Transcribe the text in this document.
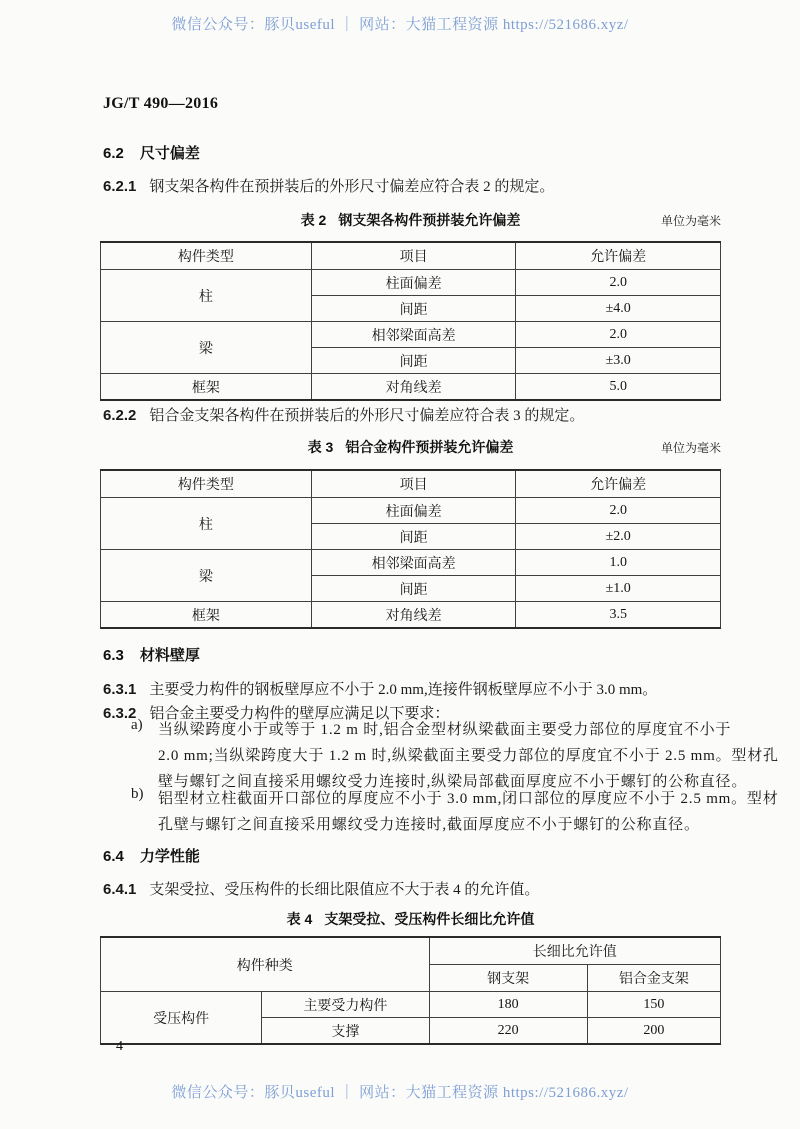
微信公众号：豚贝useful ｜ 网站：大猫工程资源 https://521686.xyz/
JG/T 490—2016
6.2 尺寸偏差
6.2.1 钢支架各构件在预拼装后的外形尺寸偏差应符合表 2 的规定。
表 2 钢支架各构件预拼装允许偏差	单位为毫米
构件类型	项目	允许偏差
柱	柱面偏差	2.0
	间距	±4.0
梁	相邻梁面高差	2.0
	间距	±3.0
框架	对角线差	5.0
6.2.2 铝合金支架各构件在预拼装后的外形尺寸偏差应符合表 3 的规定。
表 3 铝合金构件预拼装允许偏差	单位为毫米
构件类型	项目	允许偏差
柱	柱面偏差	2.0
	间距	±2.0
梁	相邻梁面高差	1.0
	间距	±1.0
框架	对角线差	3.5
6.3 材料壁厚
6.3.1 主要受力构件的钢板壁厚应不小于 2.0 mm,连接件钢板壁厚应不小于 3.0 mm。
6.3.2 铝合金主要受力构件的壁厚应满足以下要求：
a) 当纵梁跨度小于或等于 1.2 m 时,铝合金型材纵梁截面主要受力部位的厚度宜不小于
2.0 mm;当纵梁跨度大于 1.2 m 时,纵梁截面主要受力部位的厚度宜不小于 2.5 mm。型材孔
壁与螺钉之间直接采用螺纹受力连接时,纵梁局部截面厚度应不小于螺钉的公称直径。
b) 铝型材立柱截面开口部位的厚度应不小于 3.0 mm,闭口部位的厚度应不小于 2.5 mm。型材
孔壁与螺钉之间直接采用螺纹受力连接时,截面厚度应不小于螺钉的公称直径。
6.4 力学性能
6.4.1 支架受拉、受压构件的长细比限值应不大于表 4 的允许值。
表 4 支架受拉、受压构件长细比允许值
构件种类		长细比允许值	
		钢支架	铝合金支架
受压构件	主要受力构件	180	150
	支撑	220	200
4
微信公众号：豚贝useful ｜ 网站：大猫工程资源 https://521686.xyz/
